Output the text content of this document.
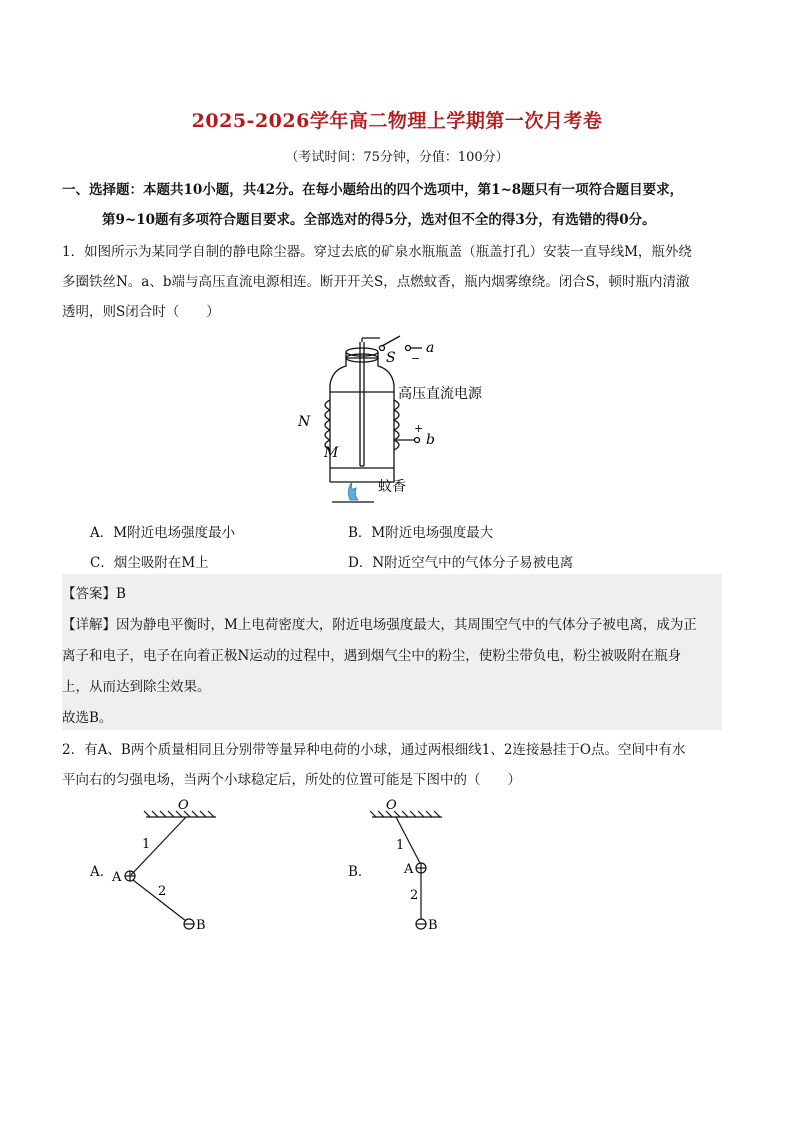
2025-2026学年高二物理上学期第一次月考卷
（考试时间：75分钟，分值：100分）
一、选择题：本题共10小题，共42分。在每小题给出的四个选项中，第1~8题只有一项符合题目要求，
第9~10题有多项符合题目要求。全部选对的得5分，选对但不全的得3分，有选错的得0分。
1．如图所示为某同学自制的静电除尘器。穿过去底的矿泉水瓶瓶盖（瓶盖打孔）安装一直导线M，瓶外绕
多圈铁丝N。a、b端与高压直流电源相连。断开开关S，点燃蚊香，瓶内烟雾缭绕。闭合S，顿时瓶内清澈
透明，则S闭合时（　　）
S
a
−
高压直流电源
+
b
N
M
蚊香
A．M附近电场强度最小	B．M附近电场强度最大
C．烟尘吸附在M上	D．N附近空气中的气体分子易被电离
【答案】B
【详解】因为静电平衡时，M上电荷密度大，附近电场强度最大，其周围空气中的气体分子被电离，成为正
离子和电子，电子在向着正极N运动的过程中，遇到烟气尘中的粉尘，使粉尘带负电，粉尘被吸附在瓶身
上，从而达到除尘效果。
故选B。
2．有A、B两个质量相同且分别带等量异种电荷的小球，通过两根细线1、2连接悬挂于O点。空间中有水
平向右的匀强电场，当两个小球稳定后，所处的位置可能是下图中的（　　）
O
1
A
2
B
A．
O
1
A
2
B
B．
